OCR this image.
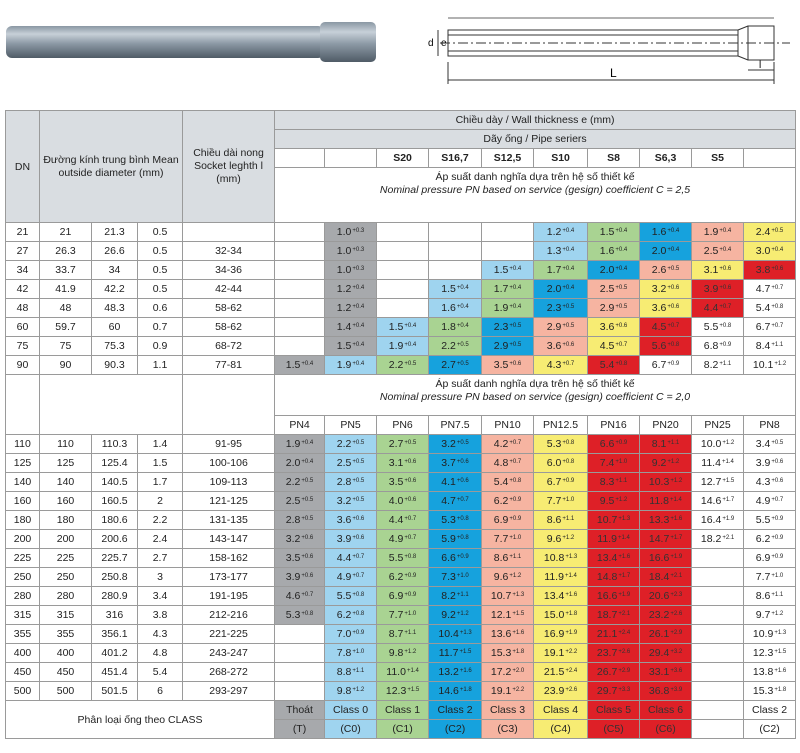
d e
L
l
DN	Đường kính trung bình Mean outside diameter (mm)			Chiều dài nong Socket leghth l (mm)	Chiều dày / Wall thickness e (mm)									
					Dãy ống / Pipe seriers									
							S20	S16,7	S12,5	S10	S8	S6,3	S5	

					Áp suất danh nghĩa dựa trên hệ số thiết kế
Nominal pressure PN based on service (gesign) coefficient C = 2,5									

21	21	21.3	0.5			$1.0^{+0.3}$				$1.2^{+0.4}$	$1.5^{+0.4}$	$1.6^{+0.4}$	$1.9^{+0.4}$	$2.4^{+0.5}$
27	26.3	26.6	0.5	32-34		$1.0^{+0.3}$				$1.3^{+0.4}$	$1.6^{+0.4}$	$2.0^{+0.4}$	$2.5^{+0.4}$	$3.0^{+0.4}$
34	33.7	34	0.5	34-36		$1.0^{+0.3}$			$1.5^{+0.4}$	$1.7^{+0.4}$	$2.0^{+0.4}$	$2.6^{+0.5}$	$3.1^{+0.6}$	$3.8^{+0.6}$
42	41.9	42.2	0.5	42-44		$1.2^{+0.4}$		$1.5^{+0.4}$	$1.7^{+0.4}$	$2.0^{+0.4}$	$2.5^{+0.5}$	$3.2^{+0.6}$	$3.9^{+0.6}$	$4.7^{+0.7}$
48	48	48.3	0.6	58-62		$1.2^{+0.4}$		$1.6^{+0.4}$	$1.9^{+0.4}$	$2.3^{+0.5}$	$2.9^{+0.5}$	$3.6^{+0.6}$	$4.4^{+0.7}$	$5.4^{+0.8}$
60	59.7	60	0.7	58-62		$1.4^{+0.4}$	$1.5^{+0.4}$	$1.8^{+0.4}$	$2.3^{+0.5}$	$2.9^{+0.5}$	$3.6^{+0.6}$	$4.5^{+0.7}$	$5.5^{+0.8}$	$6.7^{+0.7}$
75	75	75.3	0.9	68-72		$1.5^{+0.4}$	$1.9^{+0.4}$	$2.2^{+0.5}$	$2.9^{+0.5}$	$3.6^{+0.6}$	$4.5^{+0.7}$	$5.6^{+0.8}$	$6.8^{+0.9}$	$8.4^{+1.1}$
90	90	90.3	1.1	77-81	$1.5^{+0.4}$	$1.9^{+0.4}$	$2.2^{+0.5}$	$2.7^{+0.5}$	$3.5^{+0.6}$	$4.3^{+0.7}$	$5.4^{+0.8}$	$6.7^{+0.9}$	$8.2^{+1.1}$	$10.1^{+1.2}$

					Áp suất danh nghĩa dựa trên hệ số thiết kế
Nominal pressure PN based on service (gesign) coefficient C = 2,0									

					PN4	PN5	PN6	PN7.5	PN10	PN12.5	PN16	PN20	PN25	PN8
110	110	110.3	1.4	91-95	$1.9^{+0.4}$	$2.2^{+0.5}$	$2.7^{+0.5}$	$3.2^{+0.5}$	$4.2^{+0.7}$	$5.3^{+0.8}$	$6.6^{+0.9}$	$8.1^{+1.1}$	$10.0^{+1.2}$	$3.4^{+0.5}$
125	125	125.4	1.5	100-106	$2.0^{+0.4}$	$2.5^{+0.5}$	$3.1^{+0.6}$	$3.7^{+0.6}$	$4.8^{+0.7}$	$6.0^{+0.8}$	$7.4^{+1.0}$	$9.2^{+1.2}$	$11.4^{+1.4}$	$3.9^{+0.6}$
140	140	140.5	1.7	109-113	$2.2^{+0.5}$	$2.8^{+0.5}$	$3.5^{+0.6}$	$4.1^{+0.6}$	$5.4^{+0.8}$	$6.7^{+0.9}$	$8.3^{+1.1}$	$10.3^{+1.2}$	$12.7^{+1.5}$	$4.3^{+0.6}$
160	160	160.5	2	121-125	$2.5^{+0.5}$	$3.2^{+0.5}$	$4.0^{+0.6}$	$4.7^{+0.7}$	$6.2^{+0.9}$	$7.7^{+1.0}$	$9.5^{+1.2}$	$11.8^{+1.4}$	$14.6^{+1.7}$	$4.9^{+0.7}$
180	180	180.6	2.2	131-135	$2.8^{+0.5}$	$3.6^{+0.6}$	$4.4^{+0.7}$	$5.3^{+0.8}$	$6.9^{+0.9}$	$8.6^{+1.1}$	$10.7^{+1.3}$	$13.3^{+1.6}$	$16.4^{+1.9}$	$5.5^{+0.9}$
200	200	200.6	2.4	143-147	$3.2^{+0.6}$	$3.9^{+0.6}$	$4.9^{+0.7}$	$5.9^{+0.8}$	$7.7^{+1.0}$	$9.6^{+1.2}$	$11.9^{+1.4}$	$14.7^{+1.7}$	$18.2^{+2.1}$	$6.2^{+0.9}$
225	225	225.7	2.7	158-162	$3.5^{+0.6}$	$4.4^{+0.7}$	$5.5^{+0.8}$	$6.6^{+0.9}$	$8.6^{+1.1}$	$10.8^{+1.3}$	$13.4^{+1.6}$	$16.6^{+1.9}$		$6.9^{+0.9}$
250	250	250.8	3	173-177	$3.9^{+0.6}$	$4.9^{+0.7}$	$6.2^{+0.9}$	$7.3^{+1.0}$	$9.6^{+1.2}$	$11.9^{+1.4}$	$14.8^{+1.7}$	$18.4^{+2.1}$		$7.7^{+1.0}$
280	280	280.9	3.4	191-195	$4.6^{+0.7}$	$5.5^{+0.8}$	$6.9^{+0.9}$	$8.2^{+1.1}$	$10.7^{+1.3}$	$13.4^{+1.6}$	$16.6^{+1.9}$	$20.6^{+2.3}$		$8.6^{+1.1}$
315	315	316	3.8	212-216	$5.3^{+0.8}$	$6.2^{+0.8}$	$7.7^{+1.0}$	$9.2^{+1.2}$	$12.1^{+1.5}$	$15.0^{+1.8}$	$18.7^{+2.1}$	$23.2^{+2.6}$		$9.7^{+1.2}$
355	355	356.1	4.3	221-225		$7.0^{+0.9}$	$8.7^{+1.1}$	$10.4^{+1.3}$	$13.6^{+1.6}$	$16.9^{+1.9}$	$21.1^{+2.4}$	$26.1^{+2.9}$		$10.9^{+1.3}$
400	400	401.2	4.8	243-247		$7.8^{+1.0}$	$9.8^{+1.2}$	$11.7^{+1.5}$	$15.3^{+1.8}$	$19.1^{+2.2}$	$23.7^{+2.6}$	$29.4^{+3.2}$		$12.3^{+1.5}$
450	450	451.4	5.4	268-272		$8.8^{+1.1}$	$11.0^{+1.4}$	$13.2^{+1.6}$	$17.2^{+2.0}$	$21.5^{+2.4}$	$26.7^{+2.9}$	$33.1^{+3.6}$		$13.8^{+1.6}$
500	500	501.5	6	293-297		$9.8^{+1.2}$	$12.3^{+1.5}$	$14.6^{+1.8}$	$19.1^{+2.2}$	$23.9^{+2.6}$	$29.7^{+3.3}$	$36.8^{+3.9}$		$15.3^{+1.8}$
Phân loại ống theo CLASS					Thoát	Class 0	Class 1	Class 2	Class 3	Class 4	Class 5	Class 6		Class 2
					(T)	(C0)	(C1)	(C2)	(C3)	(C4)	(C5)	(C6)		(C2)
